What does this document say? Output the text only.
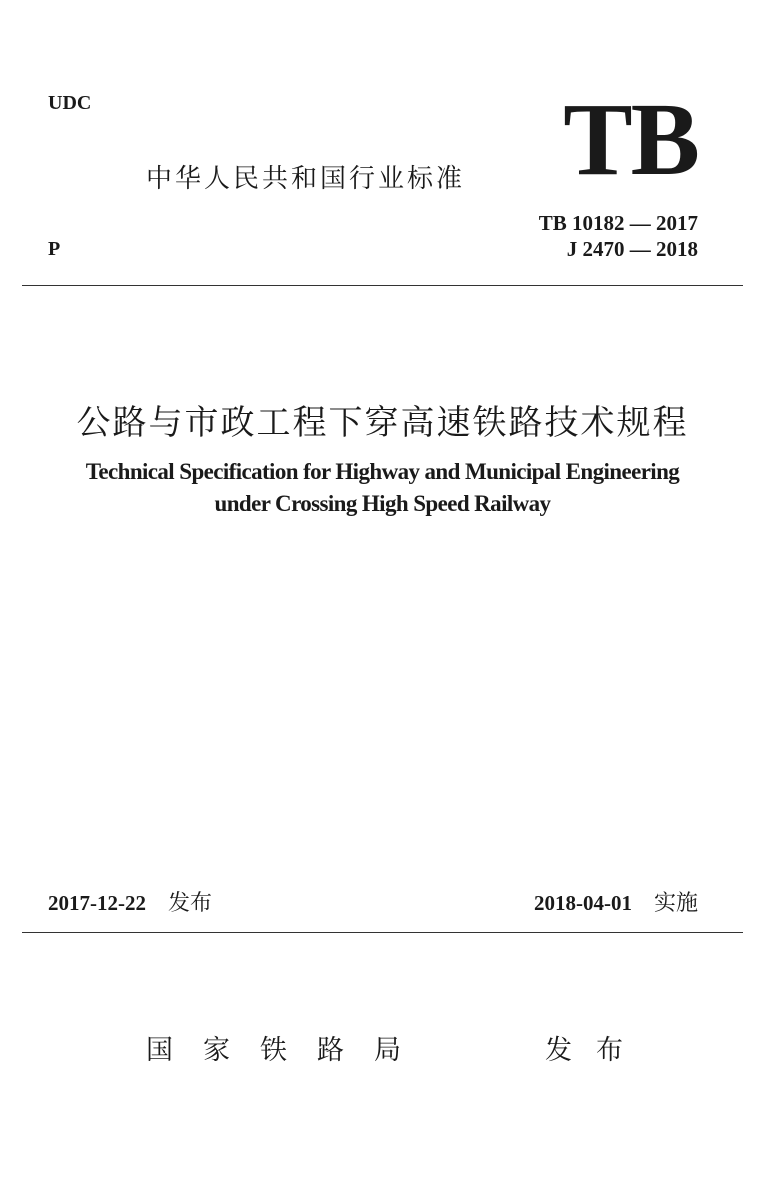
UDC
中华人民共和国行业标准 TB
TB 10182 — 2017
J 2470 — 2018
P
公路与市政工程下穿高速铁路技术规程
Technical Specification for Highway and Municipal Engineering
under Crossing High Speed Railway
2017-12-22 发布	2018-04-01 实施
国家铁路局	发布
